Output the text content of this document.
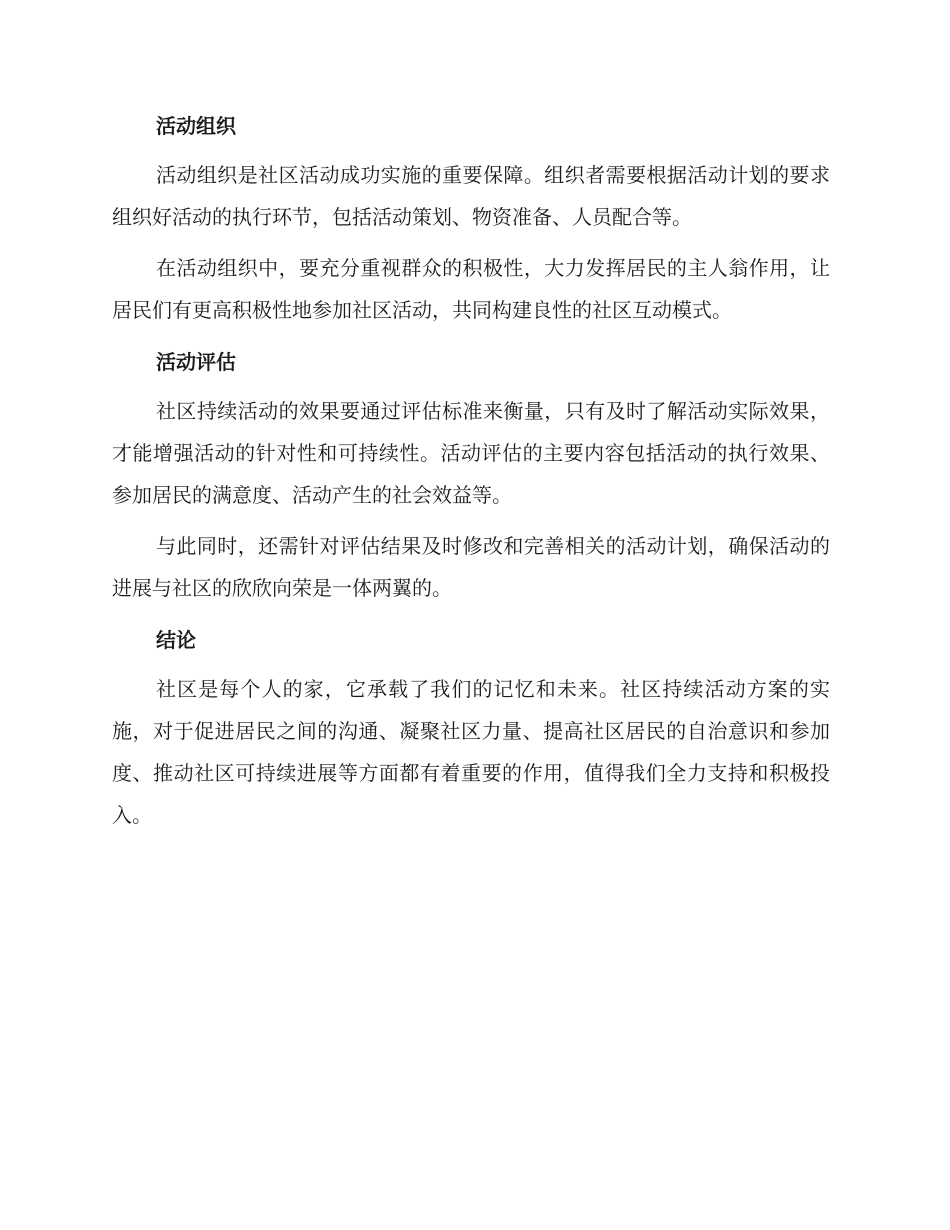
活动组织

活动组织是社区活动成功实施的重要保障。组织者需要根据活动计划的要求组织好活动的执行环节，包括活动策划、物资准备、人员配合等。

在活动组织中，要充分重视群众的积极性，大力发挥居民的主人翁作用，让居民们有更高积极性地参加社区活动，共同构建良性的社区互动模式。

活动评估

社区持续活动的效果要通过评估标准来衡量，只有及时了解活动实际效果，才能增强活动的针对性和可持续性。活动评估的主要内容包括活动的执行效果、参加居民的满意度、活动产生的社会效益等。

与此同时，还需针对评估结果及时修改和完善相关的活动计划，确保活动的进展与社区的欣欣向荣是一体两翼的。

结论

社区是每个人的家，它承载了我们的记忆和未来。社区持续活动方案的实施，对于促进居民之间的沟通、凝聚社区力量、提高社区居民的自治意识和参加度、推动社区可持续进展等方面都有着重要的作用，值得我们全力支持和积极投入。
